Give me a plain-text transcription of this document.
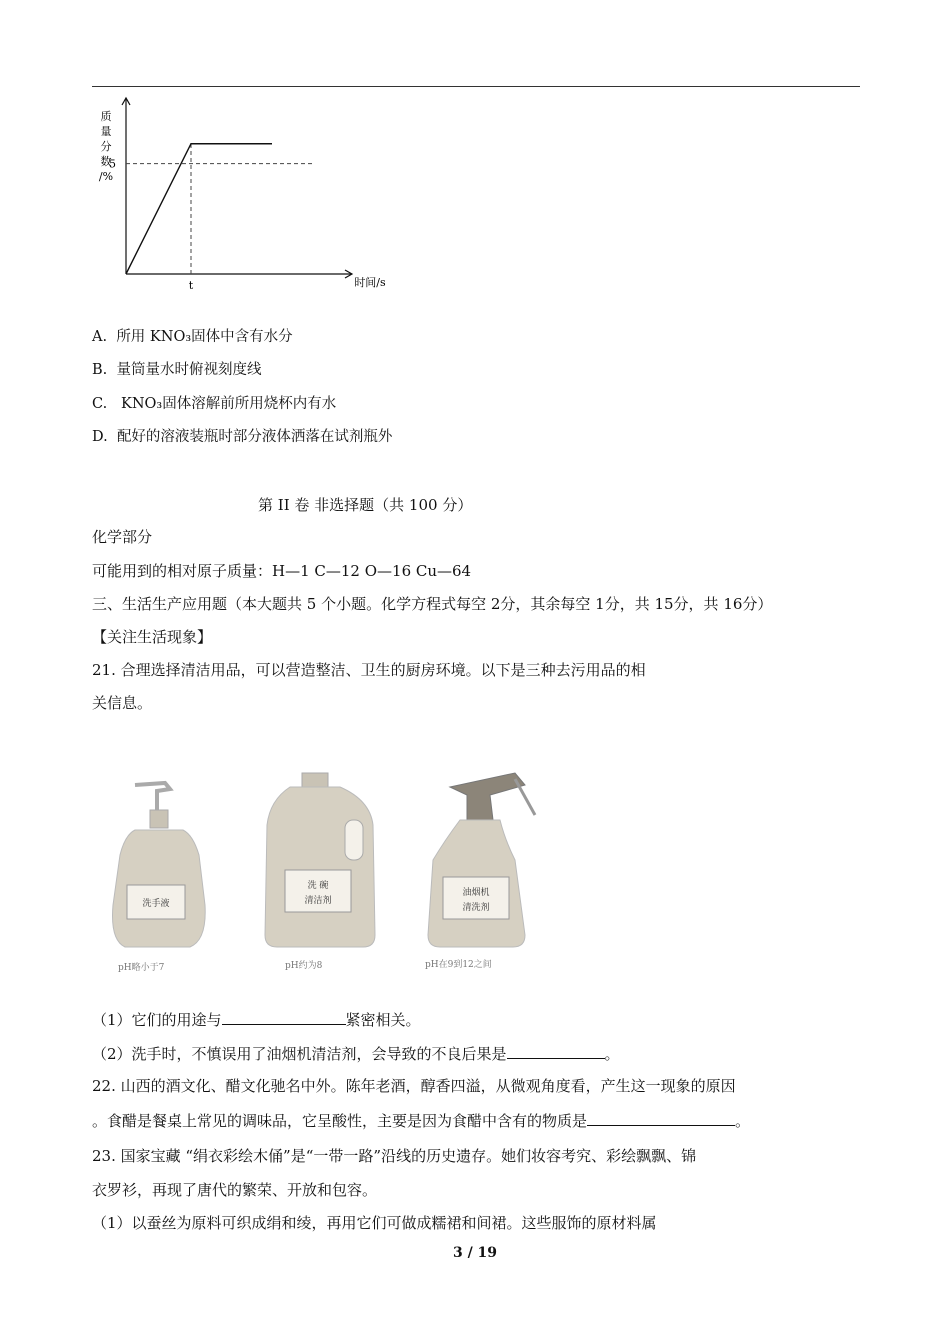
质
量
分
数
/%
5
t	时间/s
A. 所用 KNO₃固体中含有水分
B. 量筒量水时俯视刻度线
C. KNO₃固体溶解前所用烧杯内有水
D. 配好的溶液装瓶时部分液体洒落在试剂瓶外
第 II 卷 非选择题（共 100 分）
化学部分
可能用到的相对原子质量：H—1 C—12 O—16 Cu—64
三、生活生产应用题（本大题共 5 个小题。化学方程式每空 2分，其余每空 1分，共 15分，共 16分）
【关注生活现象】
21. 合理选择清洁用品，可以营造整洁、卫生的厨房环境。以下是三种去污用品的相
关信息。
洗手液
洗 碗
清洁剂
油烟机
清洗剂
pH略小于7	pH约为8	pH在9到12之间
（1）它们的用途与	紧密相关。
（2）洗手时，不慎误用了油烟机清洁剂，会导致的不良后果是	。
22. 山西的酒文化、醋文化驰名中外。陈年老酒，醇香四溢，从微观角度看，产生这一现象的原因
。食醋是餐桌上常见的调味品，它呈酸性，主要是因为食醋中含有的物质是	。
23. 国家宝藏 “绢衣彩绘木俑”是“一带一路”沿线的历史遗存。她们妆容考究、彩绘飘飘、锦
衣罗衫，再现了唐代的繁荣、开放和包容。
（1）以蚕丝为原料可织成绢和绫，再用它们可做成糯裙和间裙。这些服饰的原材料属
3 / 19
